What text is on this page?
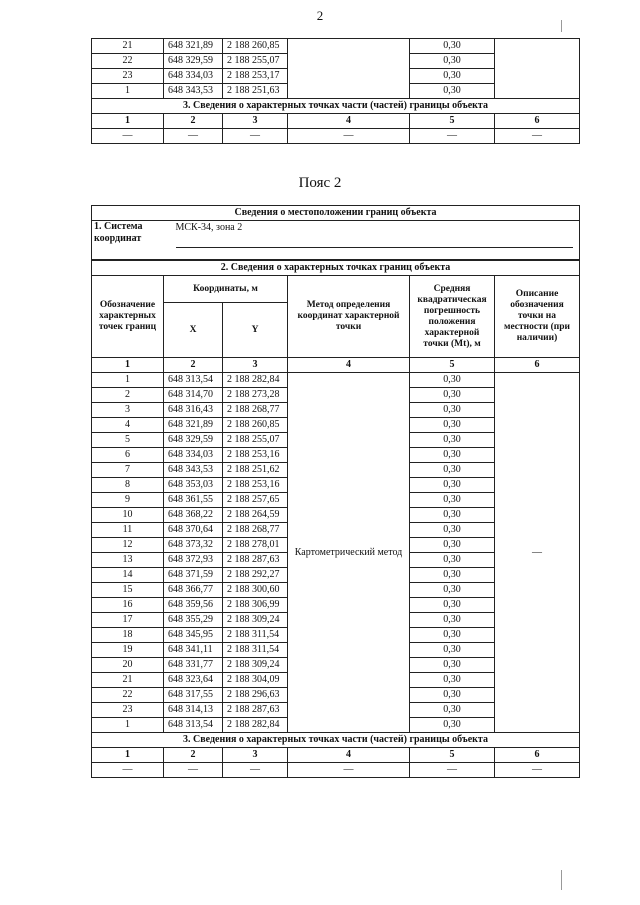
2
21	648 321,89	2 188 260,85		0,30	
22	648 329,59	2 188 255,07		0,30	
23	648 334,03	2 188 253,17		0,30	
1	648 343,53	2 188 251,63		0,30	
3. Сведения о характерных точках части (частей) границы объекта					
1	2	3	4	5	6
—	—	—	—	—	—
Пояс 2
Сведения о местоположении границ объекта					
1. Система координат	МСК-34, зона 2				

2. Сведения о характерных точках границ объекта					
Обозначение характерных точек границ	Координаты, м		Метод определения координат характерной точки	Средняя квадратическая погрешность положения характерной точки (Mt), м	Описание обозначения точки на местности (при наличии)
	X	Y			
1	2	3	4	5	6
1	648 313,54	2 188 282,84	Картометрический метод	0,30	—
2	648 314,70	2 188 273,28		0,30	
3	648 316,43	2 188 268,77		0,30	
4	648 321,89	2 188 260,85		0,30	
5	648 329,59	2 188 255,07		0,30	
6	648 334,03	2 188 253,16		0,30	
7	648 343,53	2 188 251,62		0,30	
8	648 353,03	2 188 253,16		0,30	
9	648 361,55	2 188 257,65		0,30	
10	648 368,22	2 188 264,59		0,30	
11	648 370,64	2 188 268,77		0,30	
12	648 373,32	2 188 278,01		0,30	
13	648 372,93	2 188 287,63		0,30	
14	648 371,59	2 188 292,27		0,30	
15	648 366,77	2 188 300,60		0,30	
16	648 359,56	2 188 306,99		0,30	
17	648 355,29	2 188 309,24		0,30	
18	648 345,95	2 188 311,54		0,30	
19	648 341,11	2 188 311,54		0,30	
20	648 331,77	2 188 309,24		0,30	
21	648 323,64	2 188 304,09		0,30	
22	648 317,55	2 188 296,63		0,30	
23	648 314,13	2 188 287,63		0,30	
1	648 313,54	2 188 282,84		0,30	
3. Сведения о характерных точках части (частей) границы объекта					
1	2	3	4	5	6
—	—	—	—	—	—
